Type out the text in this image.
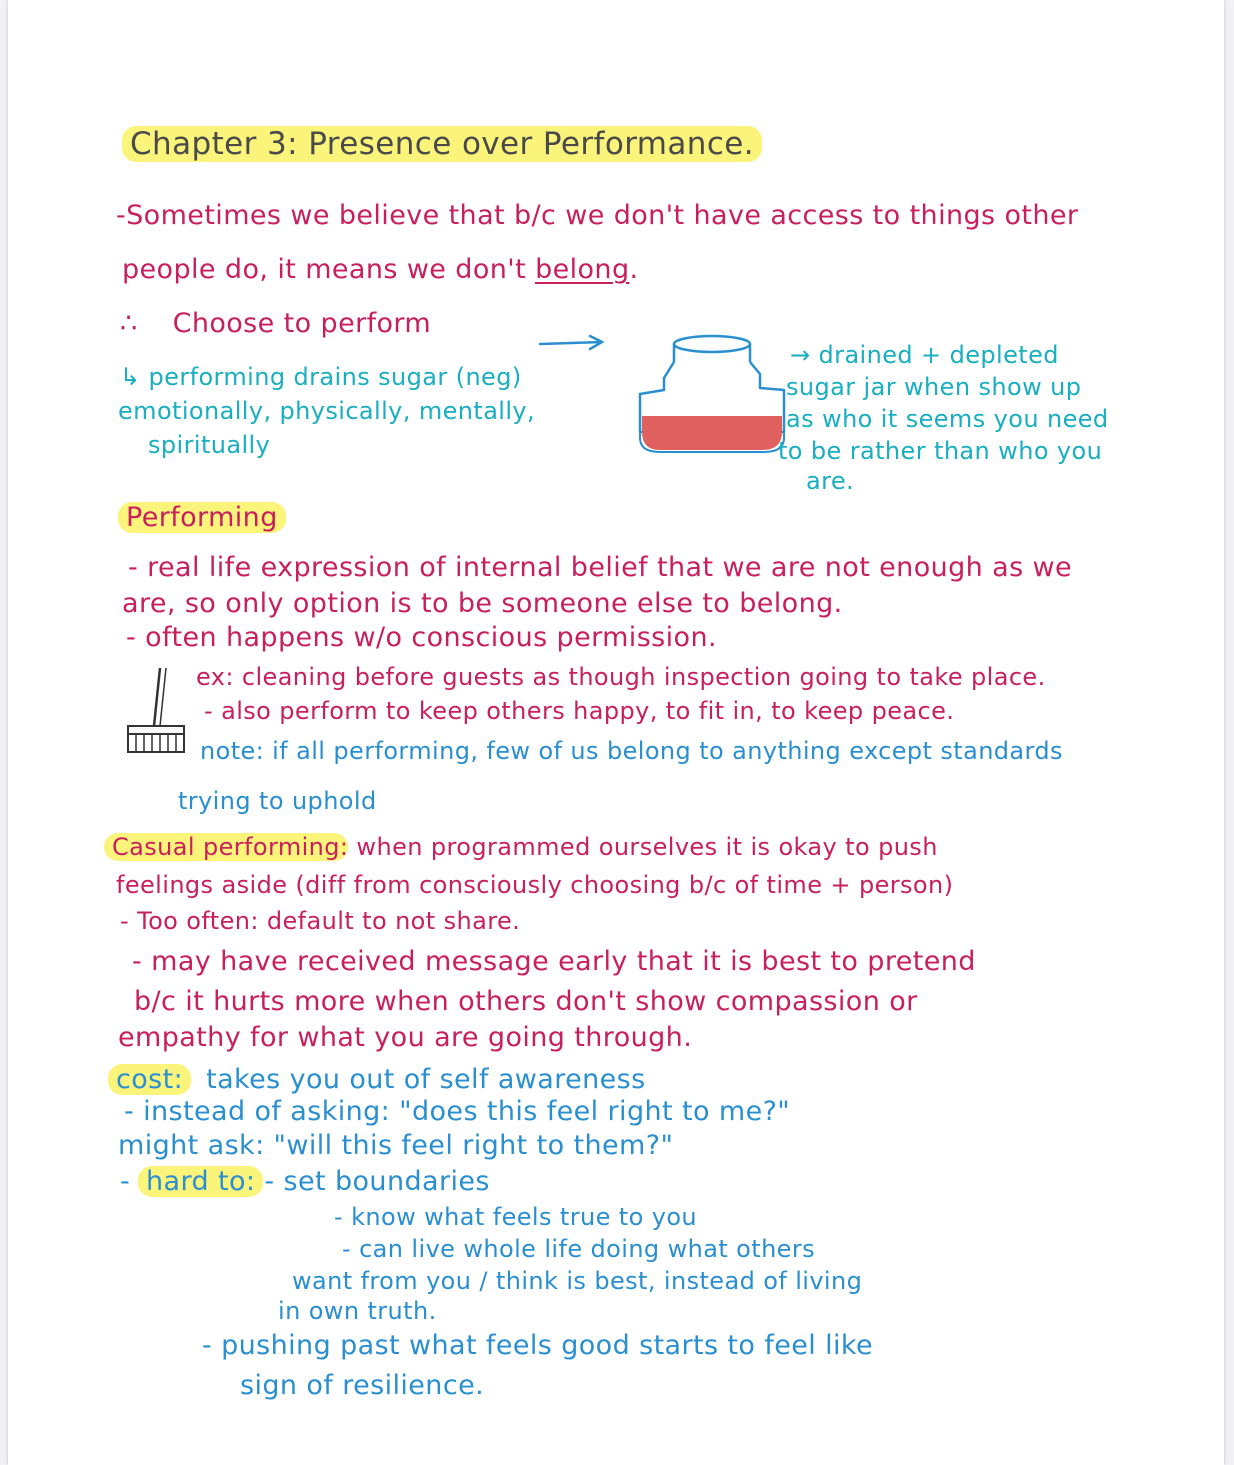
Chapter 3: Presence over Performance.
-Sometimes we believe that b/c we don't have access to things other
people do, it means we don't belong.
∴ Choose to perform
↳ performing drains sugar (neg)
emotionally, physically, mentally,
spiritually
→ drained + depleted
sugar jar when show up
as who it seems you need
to be rather than who you
are.
Performing
- real life expression of internal belief that we are not enough as we
are, so only option is to be someone else to belong.
- often happens w/o conscious permission.
ex: cleaning before guests as though inspection going to take place.
- also perform to keep others happy, to fit in, to keep peace.
note: if all performing, few of us belong to anything except standards
trying to uphold
Casual performing: when programmed ourselves it is okay to push
feelings aside (diff from consciously choosing b/c of time + person)
- Too often: default to not share.
- may have received message early that it is best to pretend
b/c it hurts more when others don't show compassion or
empathy for what you are going through.
cost: takes you out of self awareness
- instead of asking: "does this feel right to me?"
might ask: "will this feel right to them?"
- hard to: - set boundaries
- know what feels true to you
- can live whole life doing what others
want from you / think is best, instead of living
in own truth.
- pushing past what feels good starts to feel like
sign of resilience.
